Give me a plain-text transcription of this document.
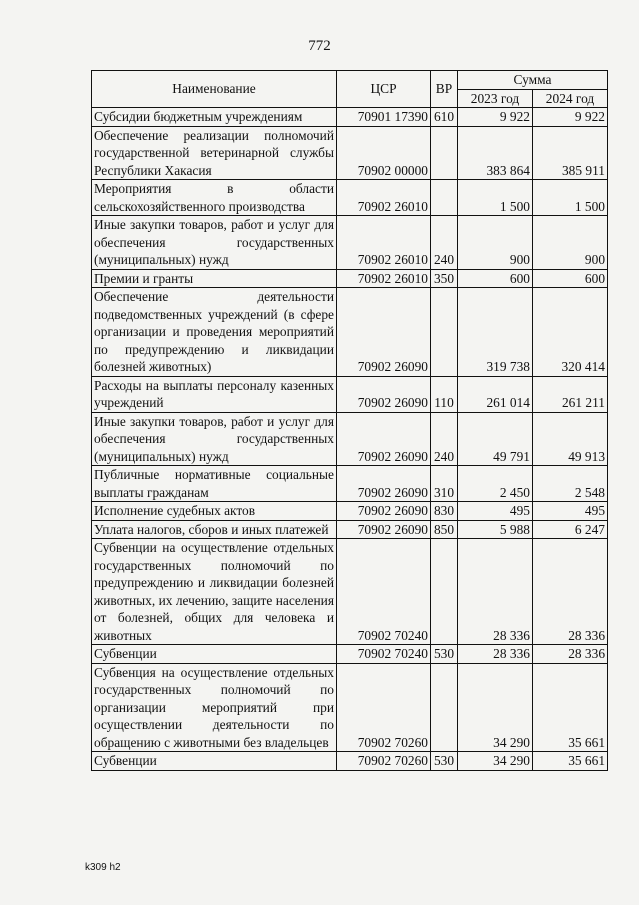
772
Наименование	ЦСР	ВР	Сумма	
			2023 год	2024 год
Субсидии бюджетным учреждениям	70901 17390	610	9 922	9 922
Обеспечение реализации полномочий государственной ветеринарной службы Республики Хакасия	70902 00000		383 864	385 911
Мероприятия в области сельскохозяйственного производства	70902 26010		1 500	1 500
Иные закупки товаров, работ и услуг для обеспечения государственных (муниципальных) нужд	70902 26010	240	900	900
Премии и гранты	70902 26010	350	600	600
Обеспечение деятельности подведомственных учреждений (в сфере организации и проведения мероприятий по предупреждению и ликвидации болезней животных)	70902 26090		319 738	320 414
Расходы на выплаты персоналу казенных учреждений	70902 26090	110	261 014	261 211
Иные закупки товаров, работ и услуг для обеспечения государственных (муниципальных) нужд	70902 26090	240	49 791	49 913
Публичные нормативные социальные выплаты гражданам	70902 26090	310	2 450	2 548
Исполнение судебных актов	70902 26090	830	495	495
Уплата налогов, сборов и иных платежей	70902 26090	850	5 988	6 247
Субвенции на осуществление отдельных государственных полномочий по предупреждению и ликвидации болезней животных, их лечению, защите населения от болезней, общих для человека и животных	70902 70240		28 336	28 336
Субвенции	70902 70240	530	28 336	28 336
Субвенция на осуществление отдельных государственных полномочий по организации мероприятий при осуществлении деятельности по обращению с животными без владельцев	70902 70260		34 290	35 661
Субвенции	70902 70260	530	34 290	35 661
k309 h2
